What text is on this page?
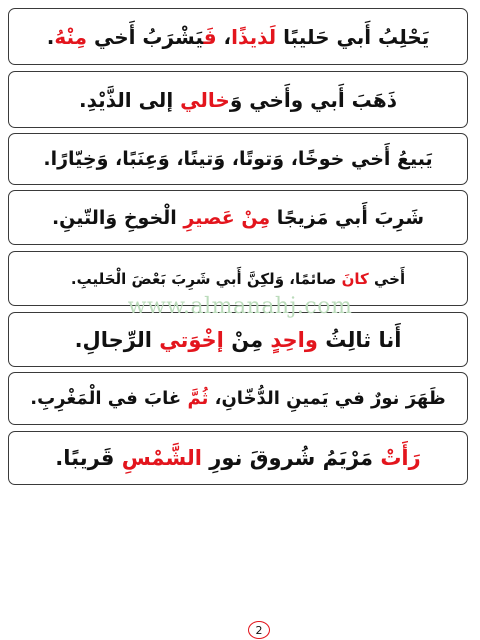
يَحْلِبُ أَبي حَليبًا لَذيذًا، فَيَشْرَبُ أَخي مِنْهُ.
ذَهَبَ أَبي وأَخي وَخالي إلى الذَّيْدِ.
يَبيعُ أَخي خوخًا، وَتوتًا، وَتينًا، وَعِنَبًا، وَخِيّارًا.
شَرِبَ أَبي مَزيجًا مِنْ عَصيرِ الْخوخِ وَالتّينِ.
أَخي كانَ صائمًا، وَلكِنَّ أَبي شَرِبَ بَعْضَ الْحَليبِ.
أَنا ثالِثُ واحِدٍ مِنْ إخْوَتي الرِّجالِ.
ظَهَرَ نورٌ في يَمينِ الدُّخّانِ، ثُمَّ غابَ في الْمَغْرِبِ.
رَأَتْ مَرْيَمُ شُروقَ نورِ الشَّمْسِ قَريبًا.
www.almanahj.com
2
